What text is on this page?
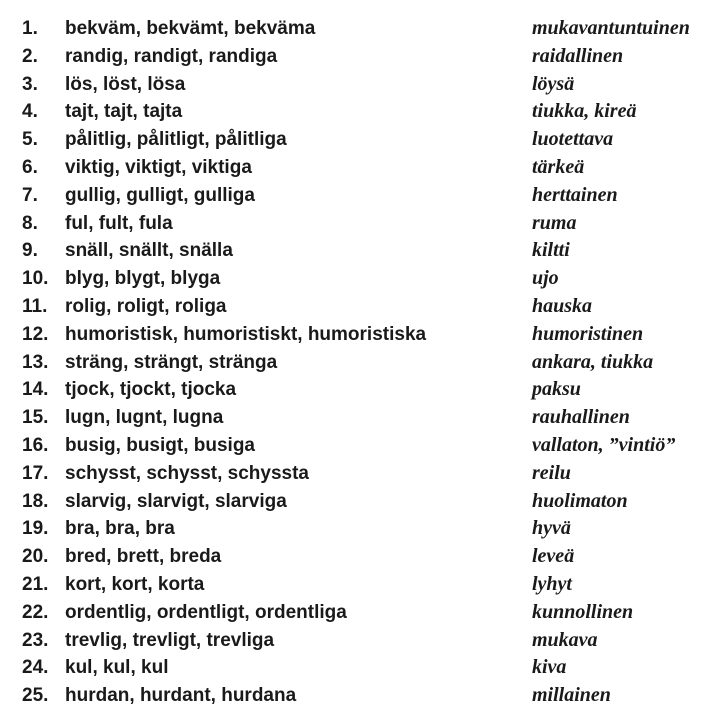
1. bekväm, bekvämt, bekväma	mukavantuntuinen
2. randig, randigt, randiga	raidallinen
3. lös, löst, lösa	löysä
4. tajt, tajt, tajta	tiukka, kireä
5. pålitlig, pålitligt, pålitliga	luotettava
6. viktig, viktigt, viktiga	tärkeä
7. gullig, gulligt, gulliga	herttainen
8. ful, fult, fula	ruma
9. snäll, snällt, snälla	kiltti
10. blyg, blygt, blyga	ujo
11. rolig, roligt, roliga	hauska
12. humoristisk, humoristiskt, humoristiska	humoristinen
13. sträng, strängt, stränga	ankara, tiukka
14. tjock, tjockt, tjocka	paksu
15. lugn, lugnt, lugna	rauhallinen
16. busig, busigt, busiga	vallaton, ”vintiö”
17. schysst, schysst, schyssta	reilu
18. slarvig, slarvigt, slarviga	huolimaton
19. bra, bra, bra	hyvä
20. bred, brett, breda	leveä
21. kort, kort, korta	lyhyt
22. ordentlig, ordentligt, ordentliga	kunnollinen
23. trevlig, trevligt, trevliga	mukava
24. kul, kul, kul	kiva
25. hurdan, hurdant, hurdana	millainen
